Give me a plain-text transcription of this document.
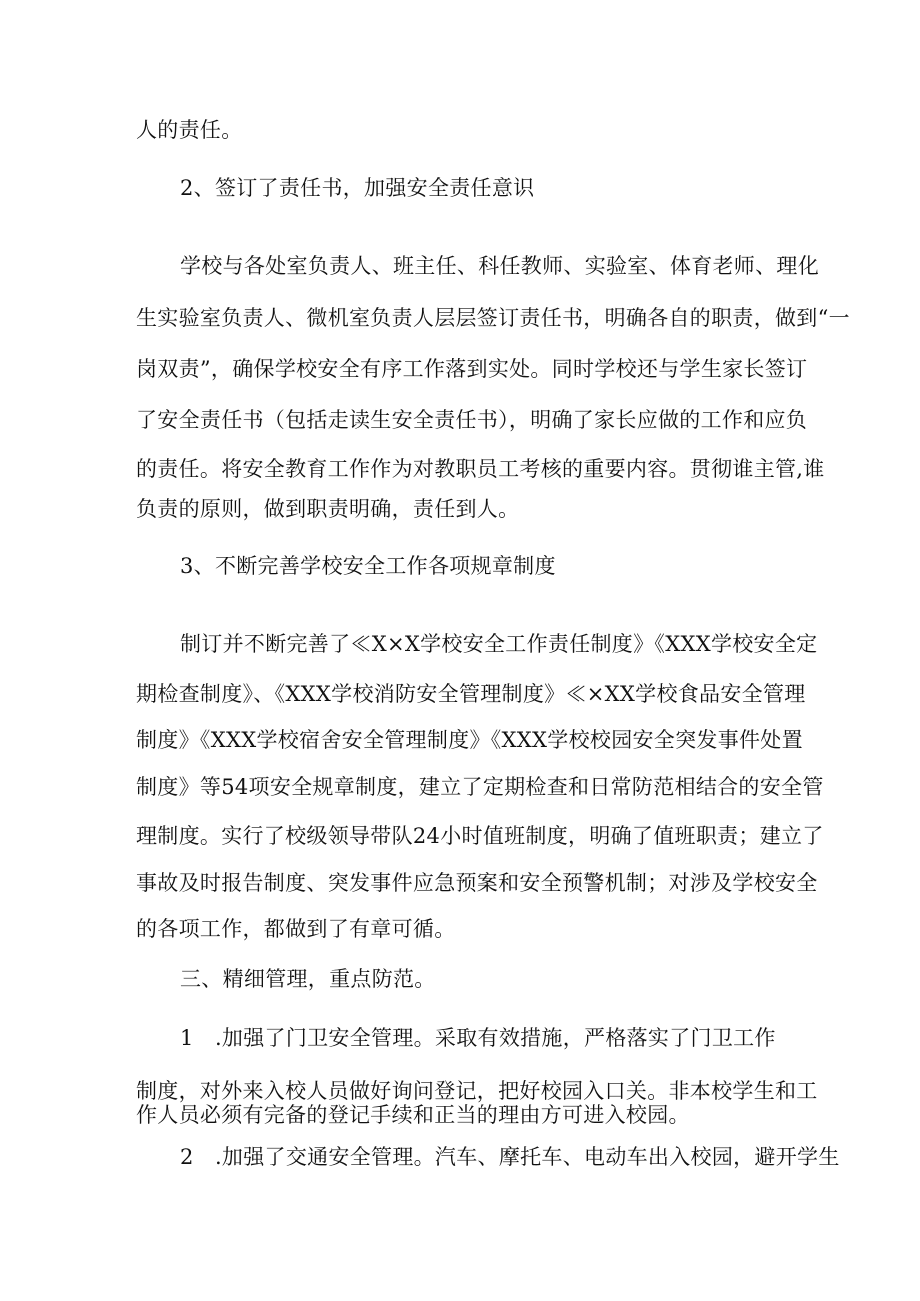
人的责任。
2、签订了责任书，加强安全责任意识
学校与各处室负责人、班主任、科任教师、实验室、体育老师、理化
生实验室负责人、微机室负责人层层签订责任书，明确各自的职责，做到“一
岗双责”，确保学校安全有序工作落到实处。同时学校还与学生家长签订
了安全责任书（包括走读生安全责任书），明确了家长应做的工作和应负
的责任。将安全教育工作作为对教职员工考核的重要内容。贯彻谁主管,谁
负责的原则，做到职责明确，责任到人。
3、不断完善学校安全工作各项规章制度
制订并不断完善了≪X×X学校安全工作责任制度》《XXX学校安全定
期检查制度》、《XXX学校消防安全管理制度》≪×XX学校食品安全管理
制度》《XXX学校宿舍安全管理制度》《XXX学校校园安全突发事件处置
制度》等54项安全规章制度，建立了定期检查和日常防范相结合的安全管
理制度。实行了校级领导带队24小时值班制度，明确了值班职责；建立了
事故及时报告制度、突发事件应急预案和安全预警机制；对涉及学校安全
的各项工作，都做到了有章可循。
三、精细管理，重点防范。
1　.加强了门卫安全管理。采取有效措施，严格落实了门卫工作
制度，对外来入校人员做好询问登记，把好校园入口关。非本校学生和工
作人员必须有完备的登记手续和正当的理由方可进入校园。
2　.加强了交通安全管理。汽车、摩托车、电动车出入校园，避开学生
